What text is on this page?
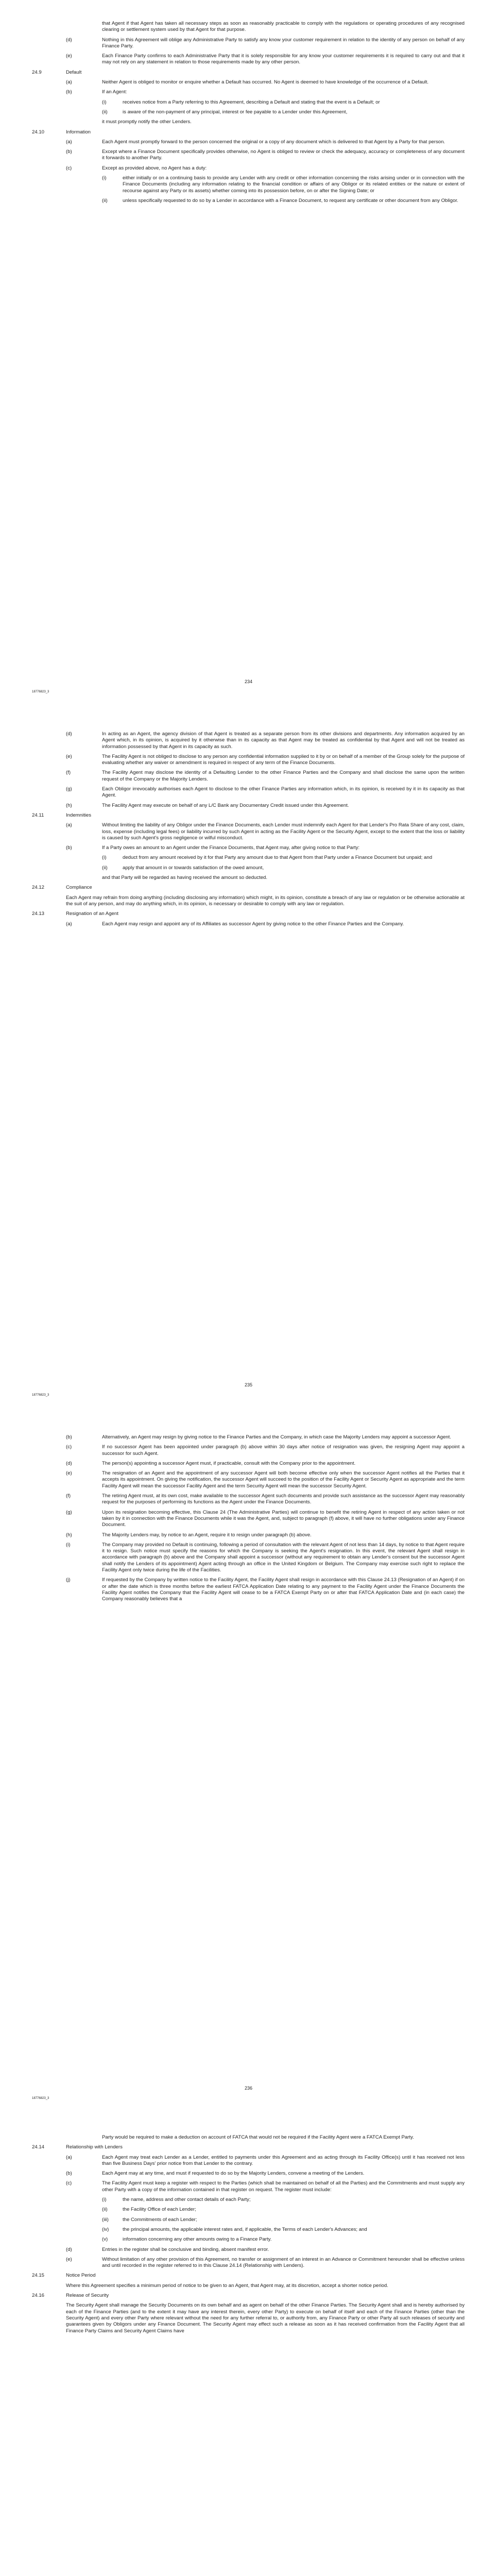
that Agent if that Agent has taken all necessary steps as soon as reasonably practicable to comply with the regulations or operating procedures of any recognised clearing or settlement system used by that Agent for that purpose.

(d)	Nothing in this Agreement will oblige any Administrative Party to satisfy any know your customer requirement in relation to the identity of any person on behalf of any Finance Party.
(e)	Each Finance Party confirms to each Administrative Party that it is solely responsible for any know your customer requirements it is required to carry out and that it may not rely on any statement in relation to those requirements made by any other person.
24.9	Default
(a)	Neither Agent is obliged to monitor or enquire whether a Default has occurred. No Agent is deemed to have knowledge of the occurrence of a Default.
(b)	If an Agent:
(i)	receives notice from a Party referring to this Agreement, describing a Default and stating that the event is a Default; or
(ii)	is aware of the non-payment of any principal, interest or fee payable to a Lender under this Agreement,

it must promptly notify the other Lenders.

24.10	Information
(a)	Each Agent must promptly forward to the person concerned the original or a copy of any document which is delivered to that Agent by a Party for that person.
(b)	Except where a Finance Document specifically provides otherwise, no Agent is obliged to review or check the adequacy, accuracy or completeness of any document it forwards to another Party.
(c)	Except as provided above, no Agent has a duty:
(i)	either initially or on a continuing basis to provide any Lender with any credit or other information concerning the risks arising under or in connection with the Finance Documents (including any information relating to the financial condition or affairs of any Obligor or its related entities or the nature or extent of recourse against any Party or its assets) whether coming into its possession before, on or after the Signing Date; or
(ii)	unless specifically requested to do so by a Lender in accordance with a Finance Document, to request any certificate or other document from any Obligor.
234
18776823_3
(d)	In acting as an Agent, the agency division of that Agent is treated as a separate person from its other divisions and departments. Any information acquired by an Agent which, in its opinion, is acquired by it otherwise than in its capacity as that Agent may be treated as confidential by that Agent and will not be treated as information possessed by that Agent in its capacity as such.
(e)	The Facility Agent is not obliged to disclose to any person any confidential information supplied to it by or on behalf of a member of the Group solely for the purpose of evaluating whether any waiver or amendment is required in respect of any term of the Finance Documents.
(f)	The Facility Agent may disclose the identity of a Defaulting Lender to the other Finance Parties and the Company and shall disclose the same upon the written request of the Company or the Majority Lenders.
(g)	Each Obligor irrevocably authorises each Agent to disclose to the other Finance Parties any information which, in its opinion, is received by it in its capacity as that Agent.
(h)	The Facility Agent may execute on behalf of any L/C Bank any Documentary Credit issued under this Agreement.
24.11	Indemnities
(a)	Without limiting the liability of any Obligor under the Finance Documents, each Lender must indemnify each Agent for that Lender's Pro Rata Share of any cost, claim, loss, expense (including legal fees) or liability incurred by such Agent in acting as the Facility Agent or the Security Agent, except to the extent that the loss or liability is caused by such Agent's gross negligence or wilful misconduct.
(b)	If a Party owes an amount to an Agent under the Finance Documents, that Agent may, after giving notice to that Party:
(i)	deduct from any amount received by it for that Party any amount due to that Agent from that Party under a Finance Document but unpaid; and
(ii)	apply that amount in or towards satisfaction of the owed amount,

and that Party will be regarded as having received the amount so deducted.

24.12	Compliance

Each Agent may refrain from doing anything (including disclosing any information) which might, in its opinion, constitute a breach of any law or regulation or be otherwise actionable at the suit of any person, and may do anything which, in its opinion, is necessary or desirable to comply with any law or regulation.

24.13	Resignation of an Agent
(a)	Each Agent may resign and appoint any of its Affiliates as successor Agent by giving notice to the other Finance Parties and the Company.
235
18776823_3
(b)	Alternatively, an Agent may resign by giving notice to the Finance Parties and the Company, in which case the Majority Lenders may appoint a successor Agent.
(c)	If no successor Agent has been appointed under paragraph (b) above within 30 days after notice of resignation was given, the resigning Agent may appoint a successor for such Agent.
(d)	The person(s) appointing a successor Agent must, if practicable, consult with the Company prior to the appointment.
(e)	The resignation of an Agent and the appointment of any successor Agent will both become effective only when the successor Agent notifies all the Parties that it accepts its appointment. On giving the notification, the successor Agent will succeed to the position of the Facility Agent or Security Agent as appropriate and the term Facility Agent will mean the successor Facility Agent and the term Security Agent will mean the successor Security Agent.
(f)	The retiring Agent must, at its own cost, make available to the successor Agent such documents and provide such assistance as the successor Agent may reasonably request for the purposes of performing its functions as the Agent under the Finance Documents.
(g)	Upon its resignation becoming effective, this Clause 24 (The Administrative Parties) will continue to benefit the retiring Agent in respect of any action taken or not taken by it in connection with the Finance Documents while it was the Agent, and, subject to paragraph (f) above, it will have no further obligations under any Finance Document.
(h)	The Majority Lenders may, by notice to an Agent, require it to resign under paragraph (b) above.
(i)	The Company may provided no Default is continuing, following a period of consultation with the relevant Agent of not less than 14 days, by notice to that Agent require it to resign. Such notice must specify the reasons for which the Company is seeking the Agent's resignation. In this event, the relevant Agent shall resign in accordance with paragraph (b) above and the Company shall appoint a successor (without any requirement to obtain any Lender's consent but the successor Agent shall notify the Lenders of its appointment) Agent acting through an office in the United Kingdom or Belgium. The Company may exercise such right to replace the Facility Agent only twice during the life of the Facilities.
(j)	If requested by the Company by written notice to the Facility Agent, the Facility Agent shall resign in accordance with this Clause 24.13 (Resignation of an Agent) if on or after the date which is three months before the earliest FATCA Application Date relating to any payment to the Facility Agent under the Finance Documents the Facility Agent notifies the Company that the Facility Agent will cease to be a FATCA Exempt Party on or after that FATCA Application Date and (in each case) the Company reasonably believes that a
236
18776823_3

Party would be required to make a deduction on account of FATCA that would not be required if the Facility Agent were a FATCA Exempt Party.

24.14	Relationship with Lenders
(a)	Each Agent may treat each Lender as a Lender, entitled to payments under this Agreement and as acting through its Facility Office(s) until it has received not less than five Business Days' prior notice from that Lender to the contrary.
(b)	Each Agent may at any time, and must if requested to do so by the Majority Lenders, convene a meeting of the Lenders.
(c)	The Facility Agent must keep a register with respect to the Parties (which shall be maintained on behalf of all the Parties) and the Commitments and must supply any other Party with a copy of the information contained in that register on request. The register must include:
(i)	the name, address and other contact details of each Party;
(ii)	the Facility Office of each Lender;
(iii)	the Commitments of each Lender;
(iv)	the principal amounts, the applicable interest rates and, if applicable, the Terms of each Lender's Advances; and
(v)	information concerning any other amounts owing to a Finance Party.
(d)	Entries in the register shall be conclusive and binding, absent manifest error.
(e)	Without limitation of any other provision of this Agreement, no transfer or assignment of an interest in an Advance or Commitment hereunder shall be effective unless and until recorded in the register referred to in this Clause 24.14 (Relationship with Lenders).
24.15	Notice Period

Where this Agreement specifies a minimum period of notice to be given to an Agent, that Agent may, at its discretion, accept a shorter notice period.

24.16	Release of Security

The Security Agent shall manage the Security Documents on its own behalf and as agent on behalf of the other Finance Parties. The Security Agent shall and is hereby authorised by each of the Finance Parties (and to the extent it may have any interest therein, every other Party) to execute on behalf of itself and each of the Finance Parties (other than the Security Agent) and every other Party where relevant without the need for any further referral to, or authority from, any Finance Party or other Party all such releases of security and guarantees given by Obligors under any Finance Document. The Security Agent may effect such a release as soon as it has received confirmation from the Facility Agent that all Finance Party Claims and Security Agent Claims have
